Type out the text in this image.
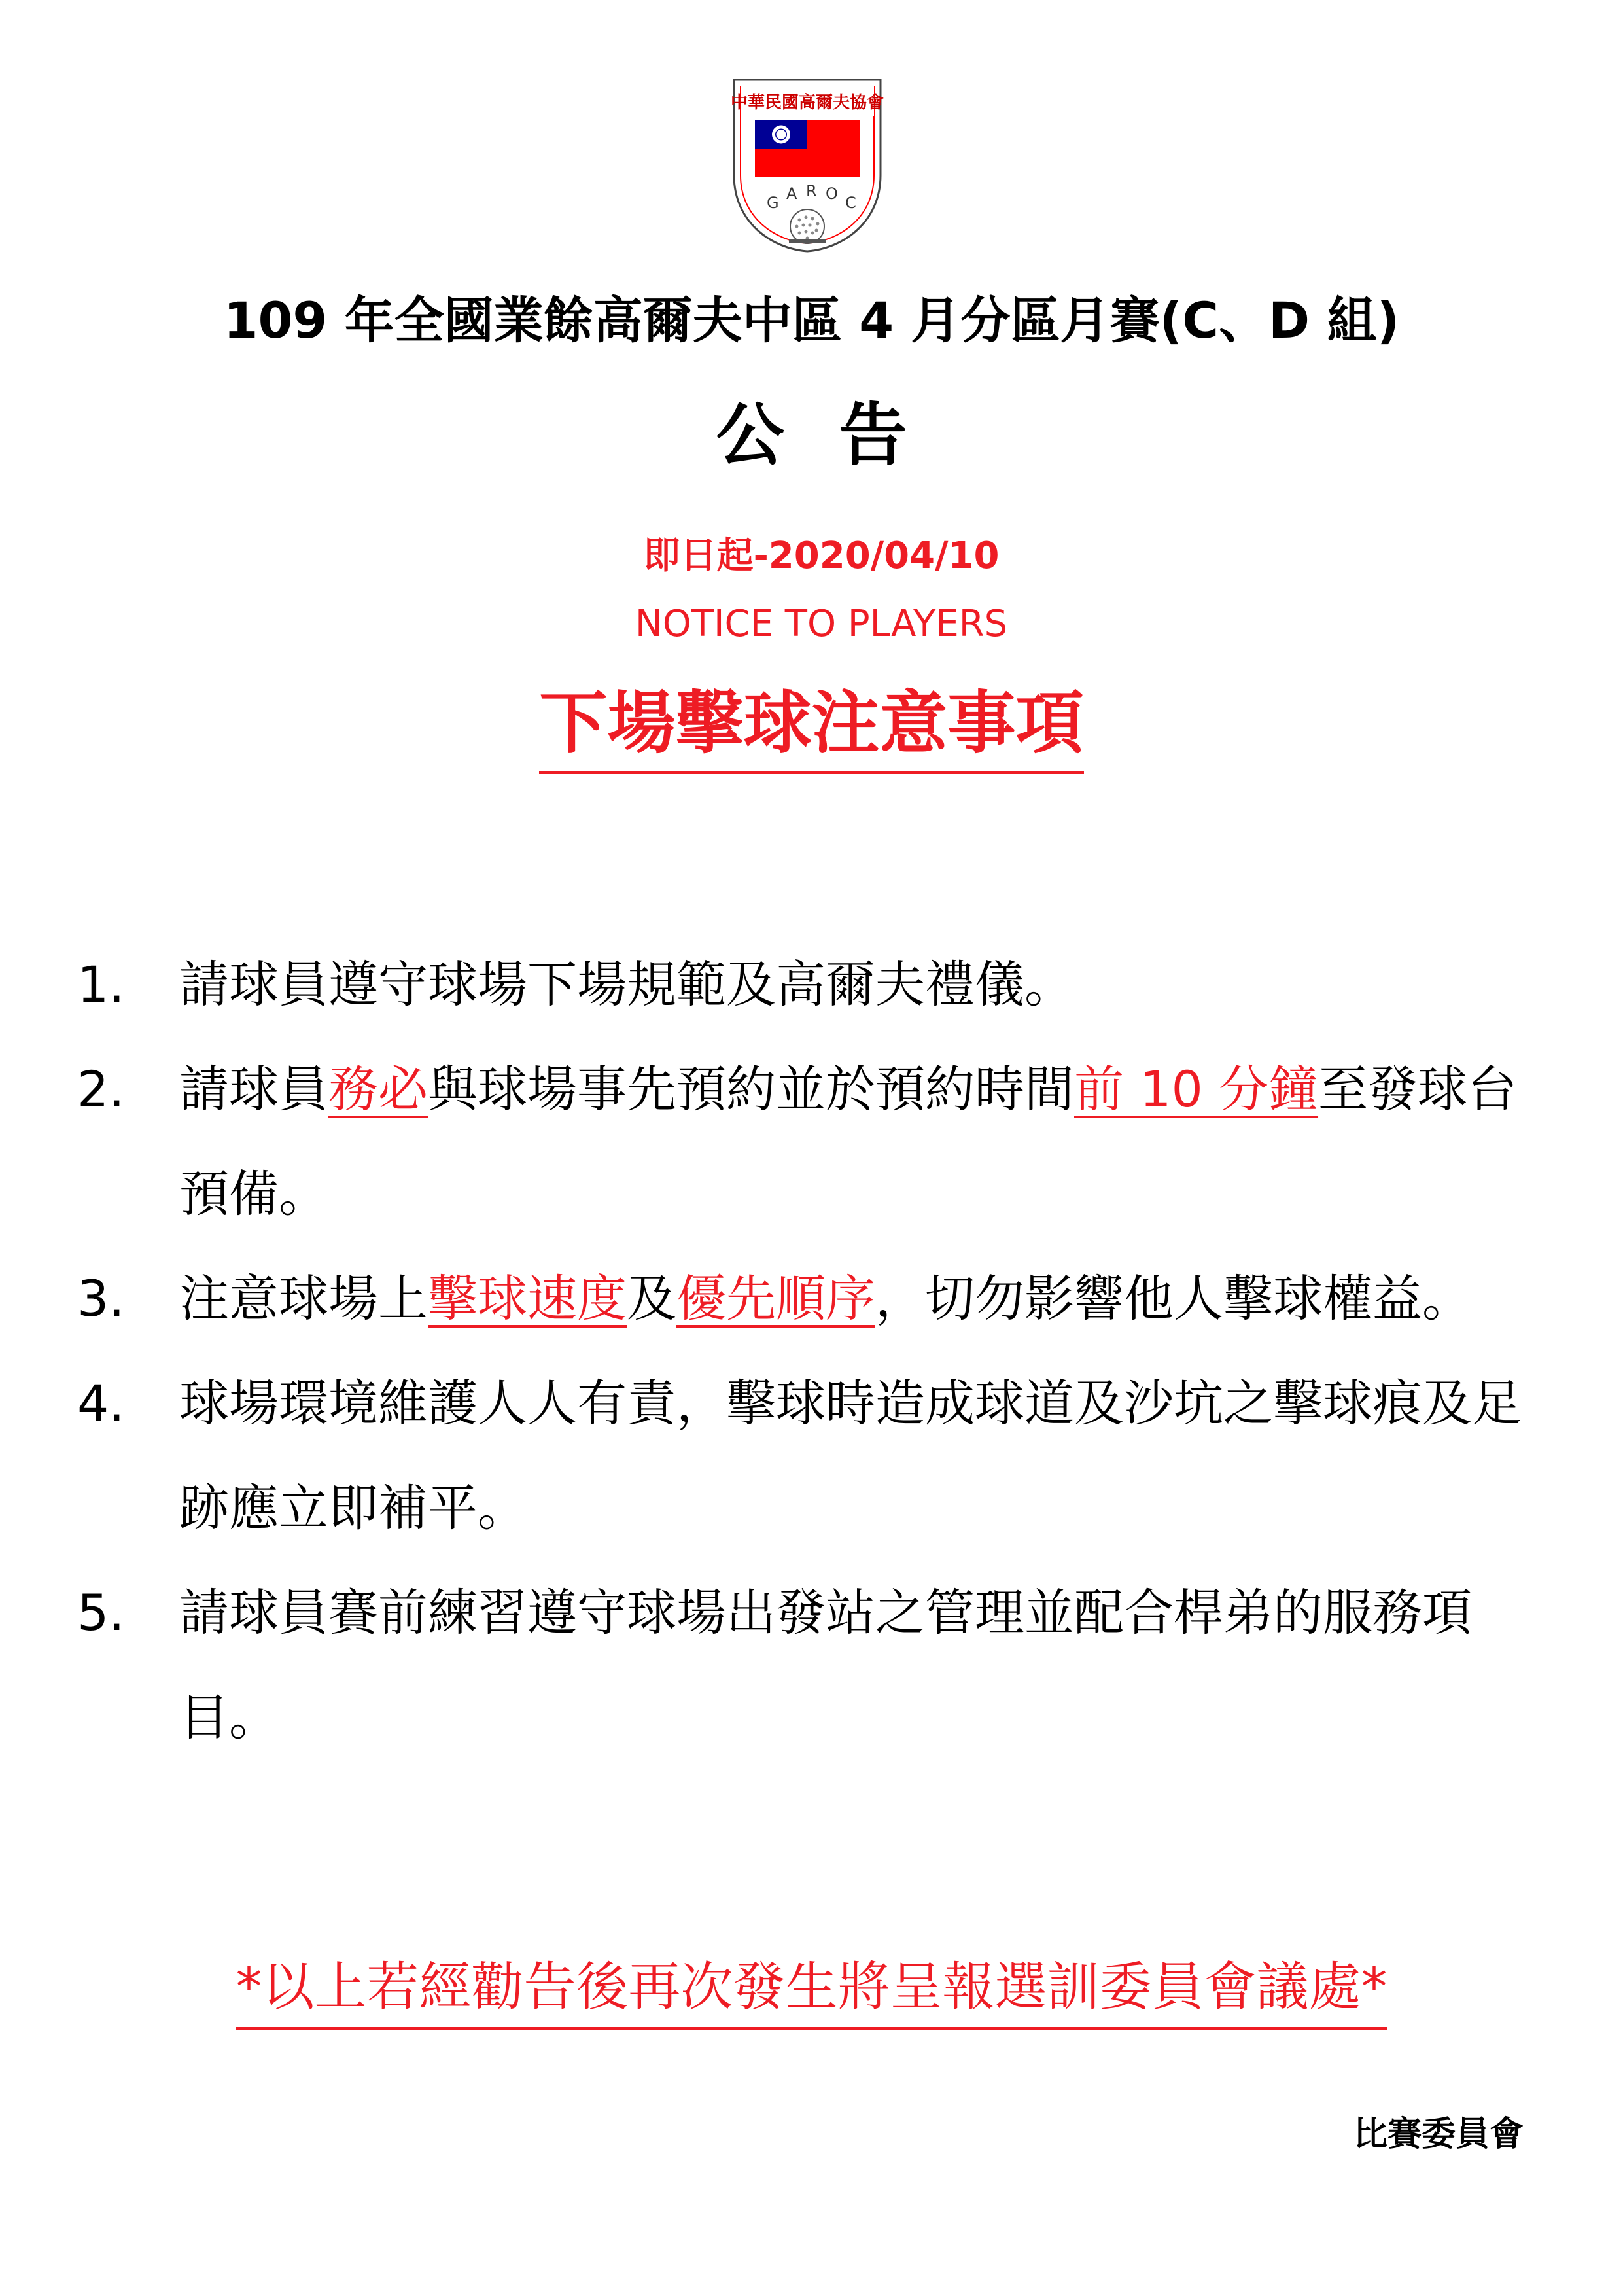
中華民國高爾夫協會
G A R O C
109 年全國業餘高爾夫中區 4 月分區月賽(C、D 組)
公告
即日起-2020/04/10
NOTICE TO PLAYERS
下場擊球注意事項
1.	請球員遵守球場下場規範及高爾夫禮儀。
2.	請球員務必與球場事先預約並於預約時間前 10 分鐘至發球台預備。
3.	注意球場上擊球速度及優先順序，切勿影響他人擊球權益。
4.	球場環境維護人人有責，擊球時造成球道及沙坑之擊球痕及足跡應立即補平。
5.	請球員賽前練習遵守球場出發站之管理並配合桿弟的服務項目。
*以上若經勸告後再次發生將呈報選訓委員會議處*
比賽委員會
